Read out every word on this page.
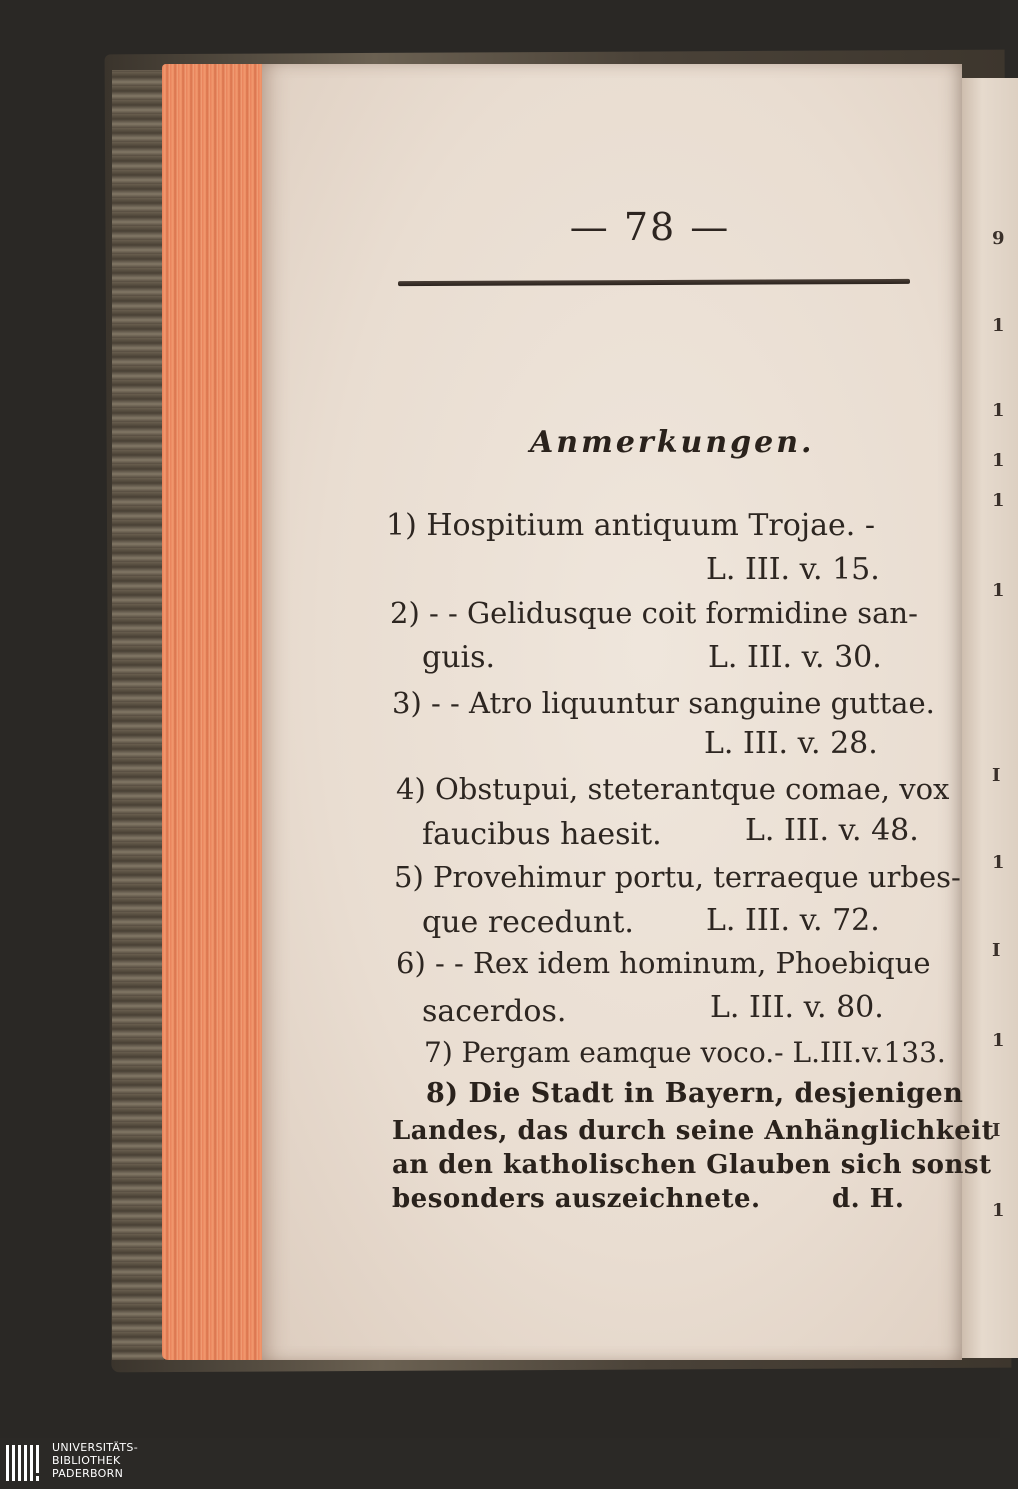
9
1
1
1
1
1
I
1
I
1
I
1
— 78 —
Anmerkungen.
1) Hospitium antiquum Trojae. -
L. III. v. 15.
2) - - Gelidusque coit formidine san-
guis.	L. III. v. 30.
3) - - Atro liquuntur sanguine guttae.
L. III. v. 28.
4) Obstupui, steterantque comae, vox
faucibus haesit.	L. III. v. 48.
5) Provehimur portu, terraeque urbes-
que recedunt. L. III. v. 72.
6) - - Rex idem hominum, Phoebique
sacerdos.	L. III. v. 80.
7) Pergam eamque voco.- L.III.v.133.
8) Die Stadt in Bayern, desjenigen
Landes, das durch seine Anhänglichkeit
an den katholischen Glauben sich sonst
besonders auszeichnete.	d. H.
UNIVERSITÄTS-
BIBLIOTHEK
PADERBORN
